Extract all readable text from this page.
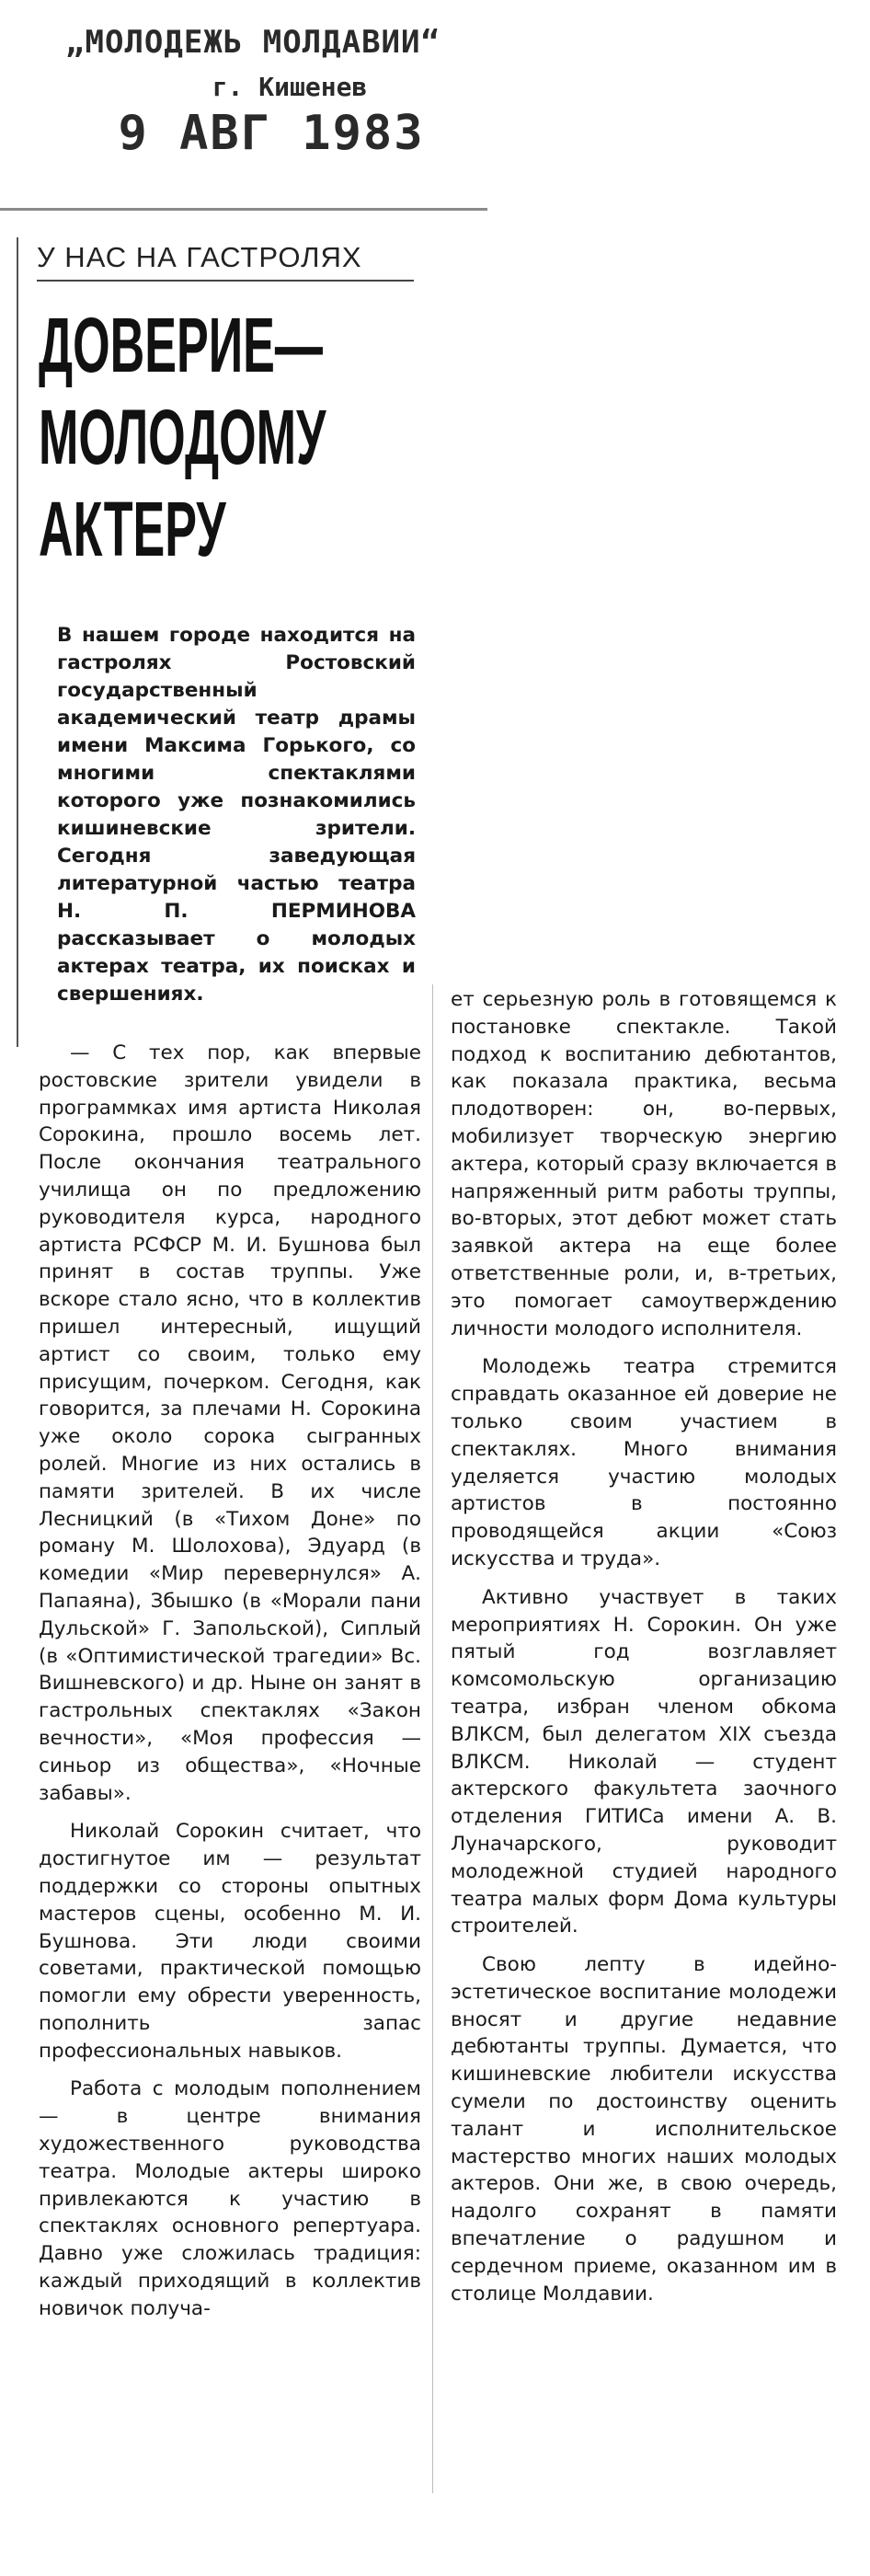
„МОЛОДЕЖЬ МОЛДАВИИ“
г. Кишенев
9 АВГ 1983
У НАС НА ГАСТРОЛЯХ
ДОВЕРИЕ—
МОЛОДОМУ
АКТЕРУ
В нашем городе находится на гастролях Ростовский государственный академический театр драмы имени Максима Горького, со многими спектаклями которого уже познакомились кишиневские зрители. Сегодня заведующая литературной частью театра Н. П. ПЕРМИНОВА рассказывает о молодых актерах театра, их поисках и свершениях.

— С тех пор, как впервые ростовские зрители увидели в программках имя артиста Николая Сорокина, прошло восемь лет. После окончания театрального училища он по предложению руководителя курса, народного артиста РСФСР М. И. Бушнова был принят в состав труппы. Уже вскоре стало ясно, что в коллектив пришел интересный, ищущий артист со своим, только ему присущим, почерком. Сегодня, как говорится, за плечами Н. Сорокина уже около сорока сыгранных ролей. Многие из них остались в памяти зрителей. В их числе Лесницкий (в «Тихом Доне» по роману М. Шолохова), Эдуард (в комедии «Мир перевернулся» А. Папаяна), Збышко (в «Морали пани Дульской» Г. Запольской), Сиплый (в «Оптимистической трагедии» Вс. Вишневского) и др. Ныне он занят в гастрольных спектаклях «Закон вечности», «Моя профессия — синьор из общества», «Ночные забавы».

Николай Сорокин считает, что достигнутое им — результат поддержки со стороны опытных мастеров сцены, особенно М. И. Бушнова. Эти люди своими советами, практической помощью помогли ему обрести уверенность, пополнить запас профессиональных навыков.

Работа с молодым пополнением — в центре внимания художественного руководства театра. Молодые актеры широко привлекаются к участию в спектаклях основного репертуара. Давно уже сложилась традиция: каждый приходящий в коллектив новичок получа-

ет серьезную роль в готовящемся к постановке спектакле. Такой подход к воспитанию дебютантов, как показала практика, весьма плодотворен: он, во-первых, мобилизует творческую энергию актера, который сразу включается в напряженный ритм работы труппы, во-вторых, этот дебют может стать заявкой актера на еще более ответственные роли, и, в-третьих, это помогает самоутверждению личности молодого исполнителя.

Молодежь театра стремится справдать оказанное ей доверие не только своим участием в спектаклях. Много внимания уделяется участию молодых артистов в постоянно проводящейся акции «Союз искусства и труда».

Активно участвует в таких мероприятиях Н. Сорокин. Он уже пятый год возглавляет комсомольскую организацию театра, избран членом обкома ВЛКСМ, был делегатом XIX съезда ВЛКСМ. Николай — студент актерского факультета заочного отделения ГИТИСа имени А. В. Луначарского, руководит молодежной студией народного театра малых форм Дома культуры строителей.

Свою лепту в идейно-эстетическое воспитание молодежи вносят и другие недавние дебютанты труппы. Думается, что кишиневские любители искусства сумели по достоинству оценить талант и исполнительское мастерство многих наших молодых актеров. Они же, в свою очередь, надолго сохранят в памяти впечатление о радушном и сердечном приеме, оказанном им в столице Молдавии.
